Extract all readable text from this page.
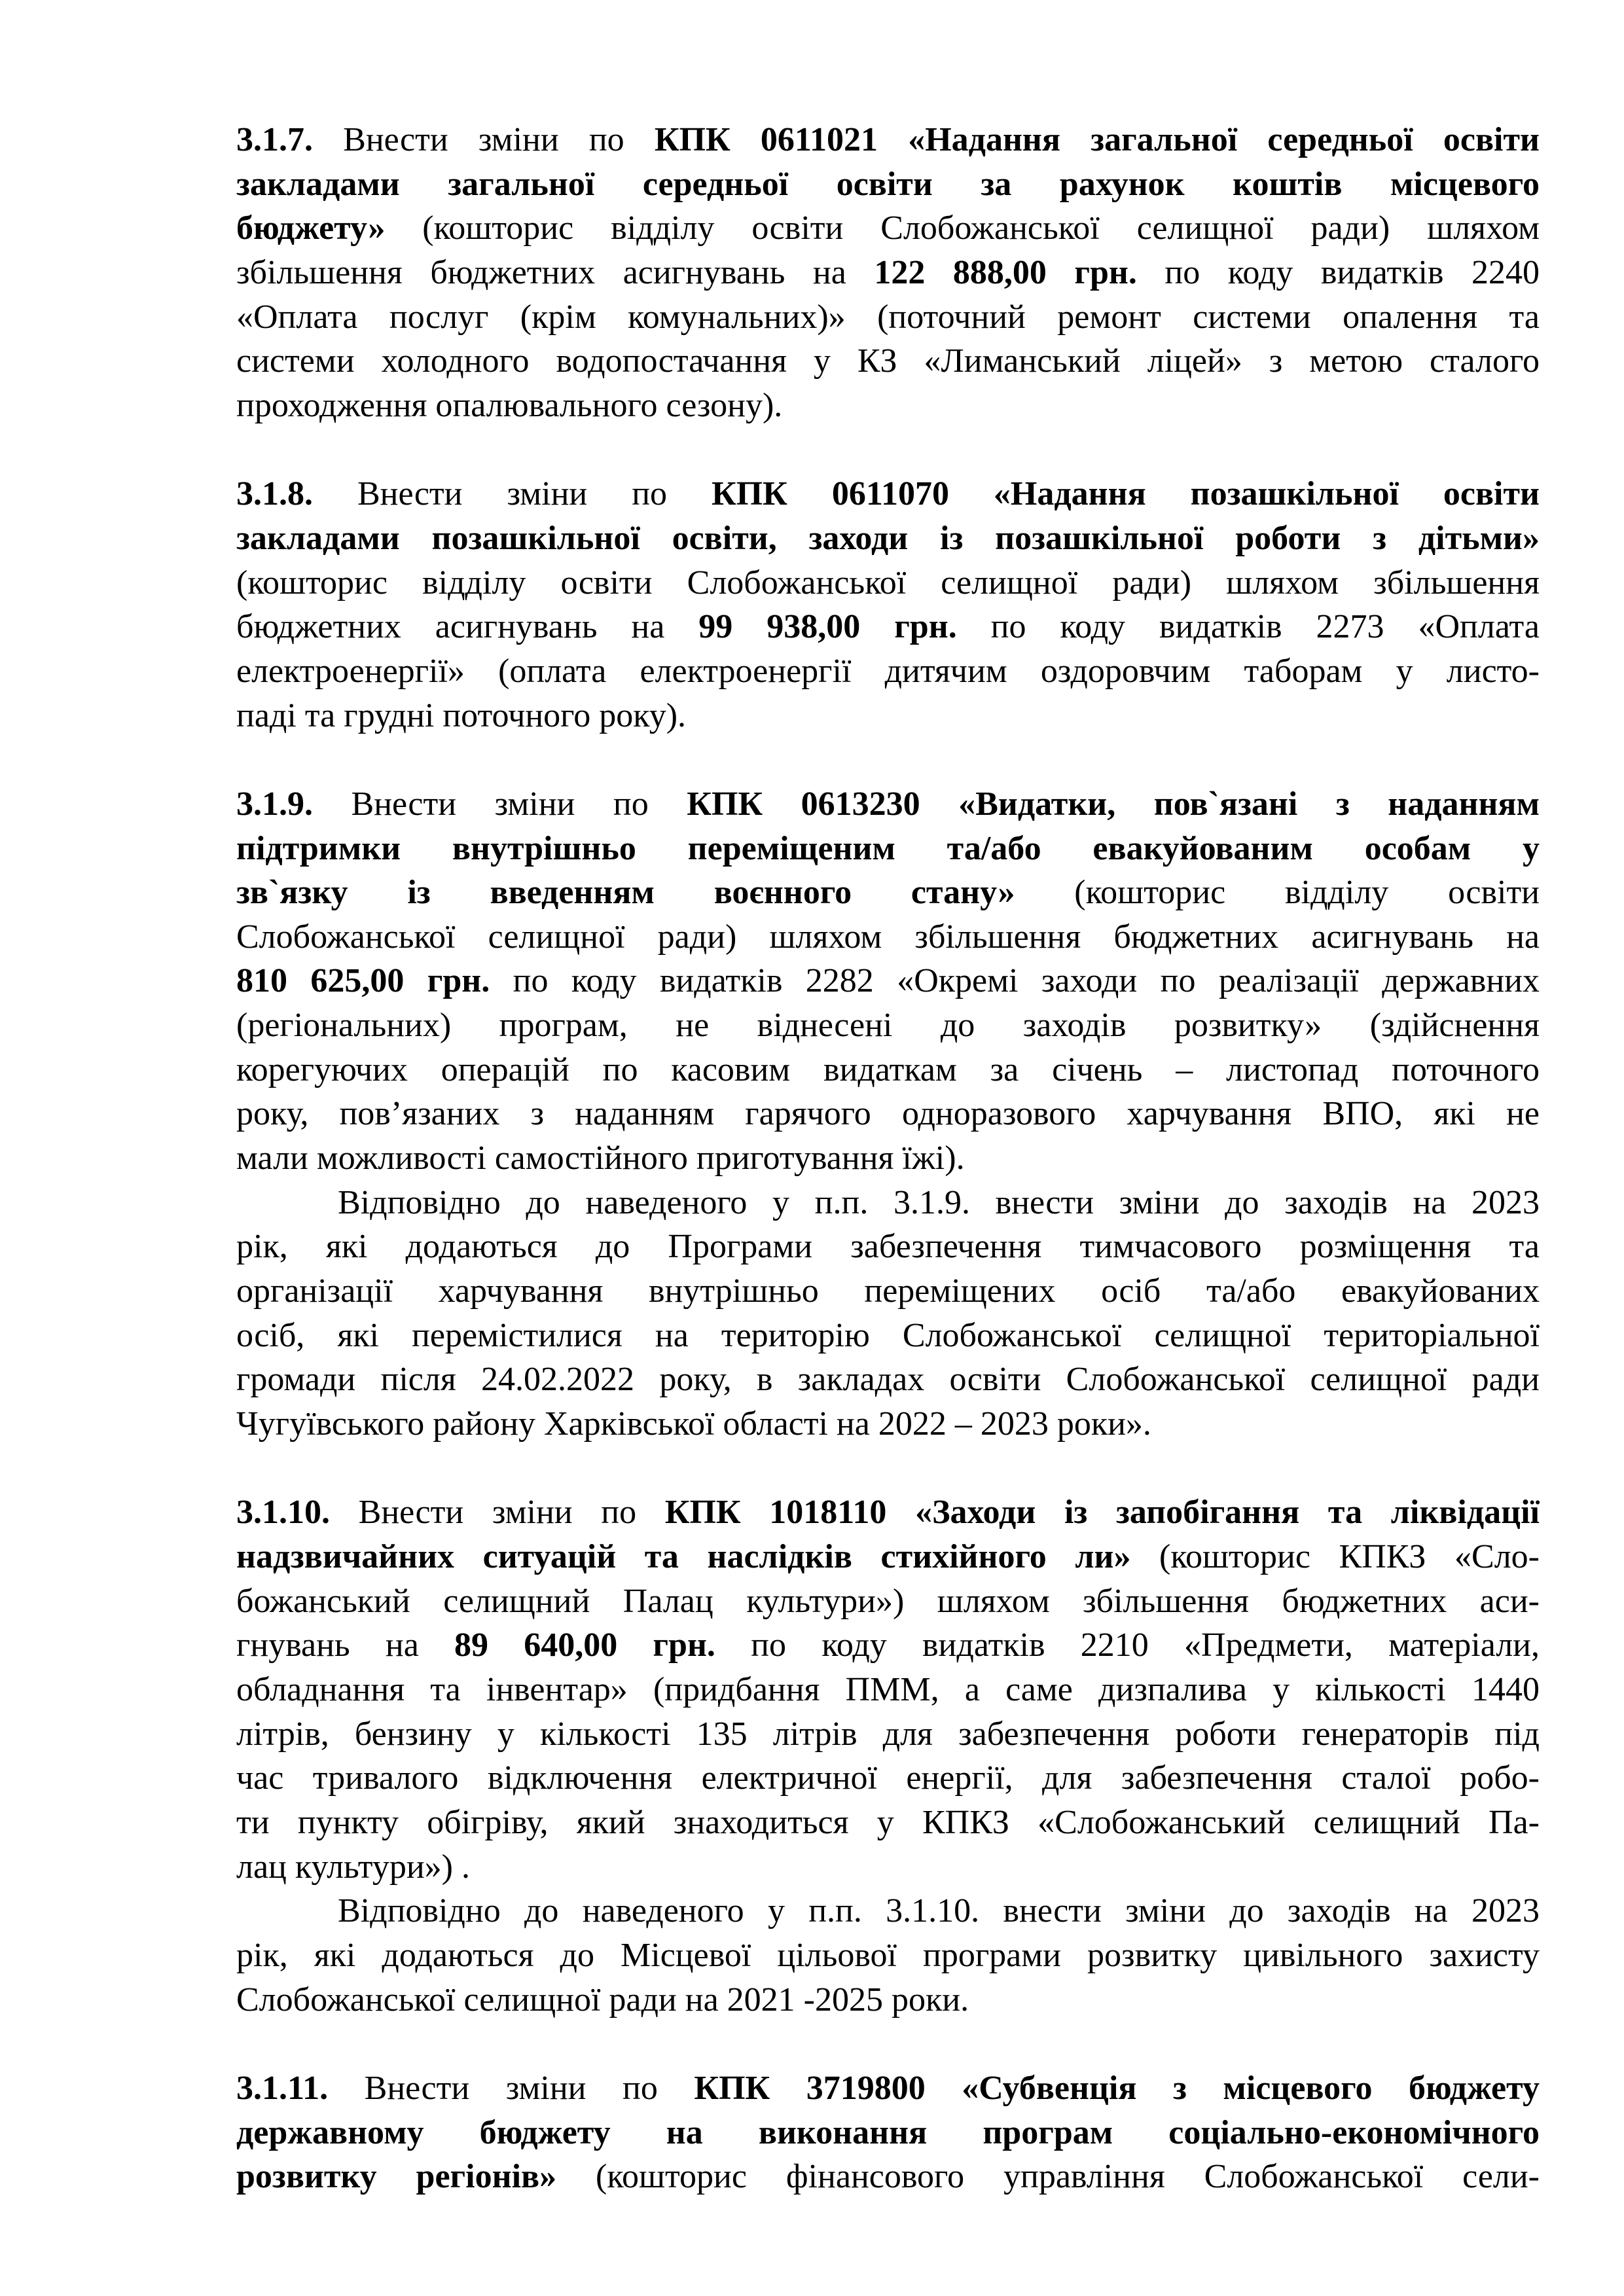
3.1.7. Внести зміни по КПК 0611021 «Надання загальної середньої освіти
закладами загальної середньої освіти за рахунок коштів місцевого
бюджету» (кошторис відділу освіти Слобожанської селищної ради) шляхом
збільшення бюджетних асигнувань на 122 888,00 грн. по коду видатків 2240
«Оплата послуг (крім комунальних)» (поточний ремонт системи опалення та
системи холодного водопостачання у КЗ «Лиманський ліцей» з метою сталого
проходження опалювального сезону).

3.1.8. Внести зміни по КПК 0611070 «Надання позашкільної освіти
закладами позашкільної освіти, заходи із позашкільної роботи з дітьми»
(кошторис відділу освіти Слобожанської селищної ради) шляхом збільшення
бюджетних асигнувань на 99 938,00 грн. по коду видатків 2273 «Оплата
електроенергії» (оплата електроенергії дитячим оздоровчим таборам у листо-
паді та грудні поточного року).

3.1.9. Внести зміни по КПК 0613230 «Видатки, пов`язані з наданням
підтримки внутрішньо переміщеним та/або евакуйованим особам у
зв`язку із введенням воєнного стану» (кошторис відділу освіти
Слобожанської селищної ради) шляхом збільшення бюджетних асигнувань на
810 625,00 грн. по коду видатків 2282 «Окремі заходи по реалізації державних
(регіональних) програм, не віднесені до заходів розвитку» (здійснення
корегуючих операцій по касовим видаткам за січень – листопад поточного
року, пов’язаних з наданням гарячого одноразового харчування ВПО, які не
мали можливості самостійного приготування їжі).
Відповідно до наведеного у п.п. 3.1.9. внести зміни до заходів на 2023
рік, які додаються до Програми забезпечення тимчасового розміщення та
організації харчування внутрішньо переміщених осіб та/або евакуйованих
осіб, які перемістилися на територію Слобожанської селищної територіальної
громади після 24.02.2022 року, в закладах освіти Слобожанської селищної ради
Чугуївського району Харківської області на 2022 – 2023 роки».

3.1.10. Внести зміни по КПК 1018110 «Заходи із запобігання та ліквідації
надзвичайних ситуацій та наслідків стихійного ли» (кошторис КПКЗ «Сло-
божанський селищний Палац культури») шляхом збільшення бюджетних аси-
гнувань на 89 640,00 грн. по коду видатків 2210 «Предмети, матеріали,
обладнання та інвентар» (придбання ПММ, а саме дизпалива у кількості 1440
літрів, бензину у кількості 135 літрів для забезпечення роботи генераторів під
час тривалого відключення електричної енергії, для забезпечення сталої робо-
ти пункту обігріву, який знаходиться у КПКЗ «Слобожанський селищний Па-
лац культури») .
Відповідно до наведеного у п.п. 3.1.10. внести зміни до заходів на 2023
рік, які додаються до Місцевої цільової програми розвитку цивільного захисту
Слобожанської селищної ради на 2021 -2025 роки.

3.1.11. Внести зміни по КПК 3719800 «Субвенція з місцевого бюджету
державному бюджету на виконання програм соціально-економічного
розвитку регіонів» (кошторис фінансового управління Слобожанської сели-
